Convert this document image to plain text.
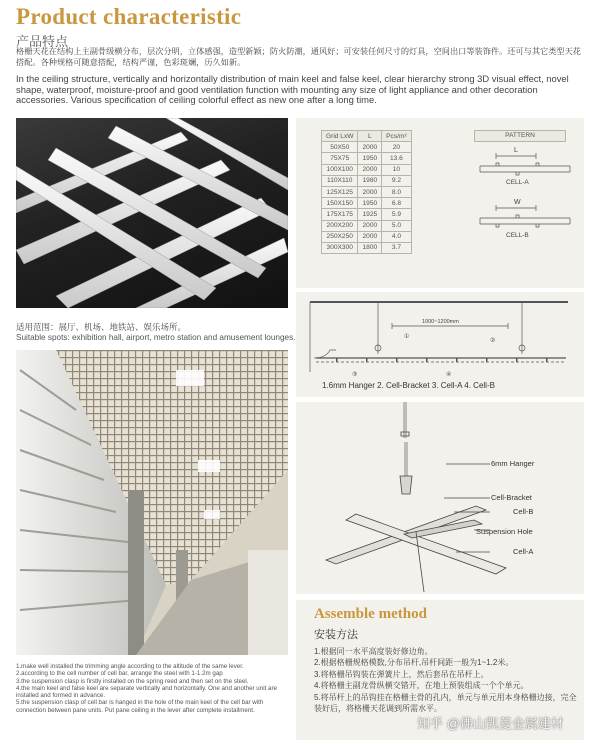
Product characteristic
产品特点
格栅天花在结构上主副骨级横分布，层次分明，立体感强，造型新颖；防火防潮，通风好；可安装任何尺寸的灯具，空间出口等装饰件。还可与其它类型天花搭配。各种规格可随意搭配，结构严谨，色彩斑斓，历久如新。
In the ceiling structure, vertically and horizontally distribution of main keel and false keel, clear hierarchy strong 3D visual effect, novel shape, waterproof, moisture-proof and good ventilation function with mounting any size of light appliance and other decoration accessories. Various specification of ceiling colorful effect as new one after a long time.
适用范围：展厅、机场、地铁站、娱乐场所。
Suitable spots: exhibition hall, airport, metro station and amusement lounges.
1.make well installed the trimming angle according to the altitude of the same lever.
2.according to the cell number of cell bar, arrange the steel with 1-1.2m gap
3.the suspension clasp is firstly installed on the spring reed and then set on the steel.
4.the main keel and false keel are separate vertically and horizontally. One and another unit are installed and formed in advance.
5.the suspension clasp of cell bar is hanged in the hole of the main keel of the cell bar with connection between pane units. Put pane ceiling in the lever after complete installment.
Grid LxW	L	Pcs/m²
50X50	2000	20
75X75	1950	13.6
100X100	2000	10
110X110	1980	9.2
125X125	2000	8.0
150X150	1950	6.8
175X175	1925	5.9
200X200	2000	5.0
250X250	2000	4.0
300X300	1800	3.7
PATTERN
L
CELL-A
W
CELL-B
1000~1200mm
①
②
③	④
1.6mm Hanger 2. Cell-Bracket 3. Cell-A 4. Cell-B
6mm Hanger
Cell-Bracket
Cell-B
Suspension Hole
Cell-A
Assemble method
安装方法
1.根据同一水平高度装好修边角。
2.根据格栅规格模数,分布吊杆,吊杆间距一般为1~1.2米。
3.将格栅吊钩装在弹簧片上，然后套吊在吊杆上。
4.将格栅主副龙骨纵横交错开，在地上预装组成一个个单元。
5.将吊杆上的吊钩挂在格栅主骨的孔内，单元与单元用本身格栅边接，完全装好后，将格栅天花调到所需水平。
知乎 @佛山凯菱金属建材
